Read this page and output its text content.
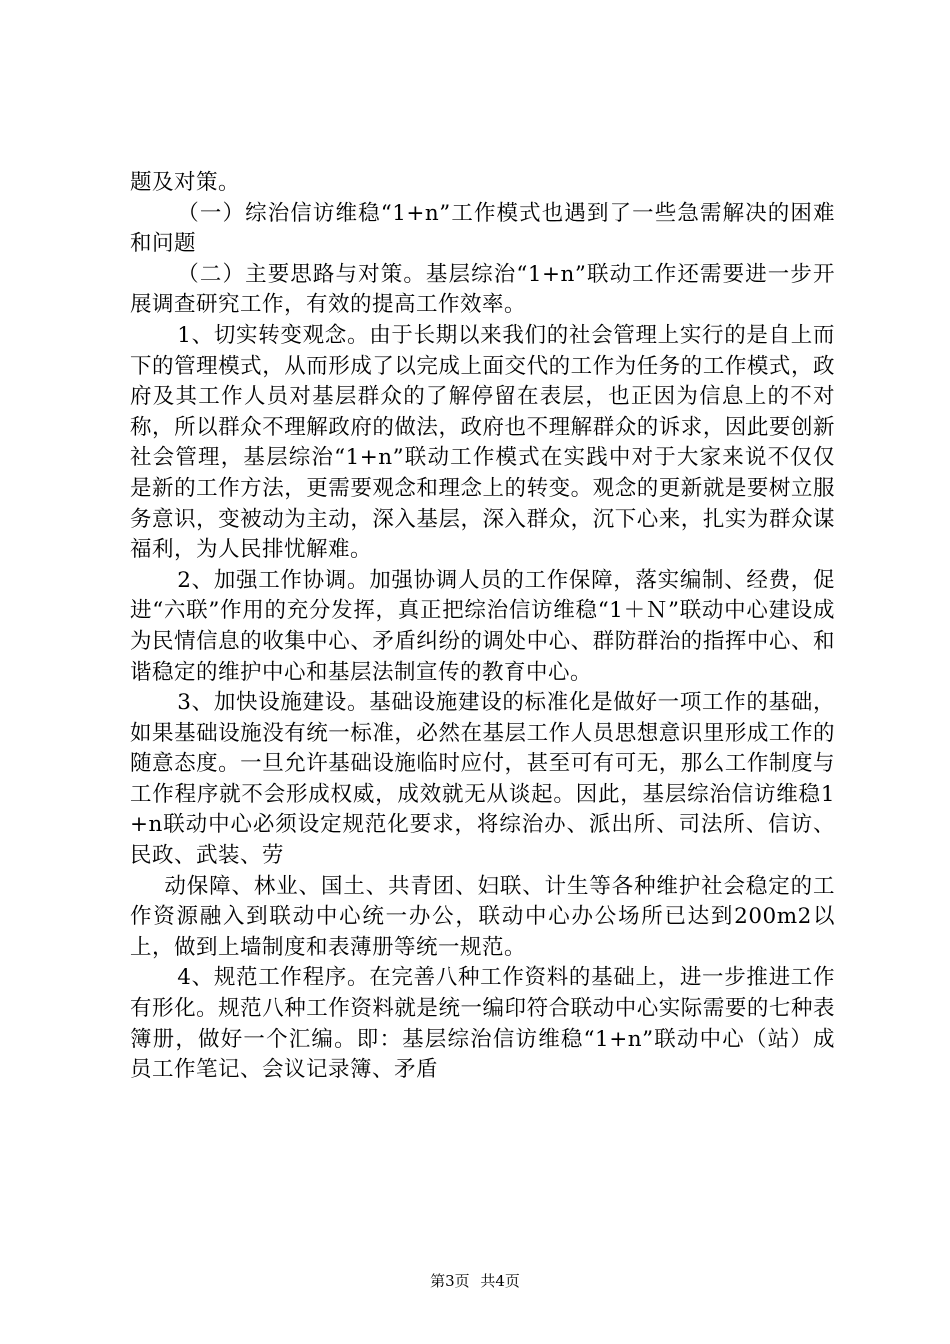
题及对策。

（一）综治信访维稳“1+n”工作模式也遇到了一些急需解决的困难和问题

（二）主要思路与对策。基层综治“1+n”联动工作还需要进一步开展调查研究工作，有效的提高工作效率。

1、切实转变观念。由于长期以来我们的社会管理上实行的是自上而下的管理模式，从而形成了以完成上面交代的工作为任务的工作模式，政府及其工作人员对基层群众的了解停留在表层，也正因为信息上的不对称，所以群众不理解政府的做法，政府也不理解群众的诉求，因此要创新社会管理，基层综治“1+n”联动工作模式在实践中对于大家来说不仅仅是新的工作方法，更需要观念和理念上的转变。观念的更新就是要树立服务意识，变被动为主动，深入基层，深入群众，沉下心来，扎实为群众谋福利，为人民排忧解难。

2、加强工作协调。加强协调人员的工作保障，落实编制、经费，促进“六联”作用的充分发挥，真正把综治信访维稳“1＋Ｎ”联动中心建设成为民情信息的收集中心、矛盾纠纷的调处中心、群防群治的指挥中心、和谐稳定的维护中心和基层法制宣传的教育中心。

3、加快设施建设。基础设施建设的标准化是做好一项工作的基础，如果基础设施没有统一标准，必然在基层工作人员思想意识里形成工作的随意态度。一旦允许基础设施临时应付，甚至可有可无，那么工作制度与工作程序就不会形成权威，成效就无从谈起。因此，基层综治信访维稳1+n联动中心必须设定规范化要求，将综治办、派出所、司法所、信访、民政、武装、劳

动保障、林业、国土、共青团、妇联、计生等各种维护社会稳定的工作资源融入到联动中心统一办公，联动中心办公场所已达到200m2以上，做到上墙制度和表薄册等统一规范。

4、规范工作程序。在完善八种工作资料的基础上，进一步推进工作有形化。规范八种工作资料就是统一编印符合联动中心实际需要的七种表簿册，做好一个汇编。即：基层综治信访维稳“1+n”联动中心（站）成员工作笔记、会议记录簿、矛盾

第3页 共4页
